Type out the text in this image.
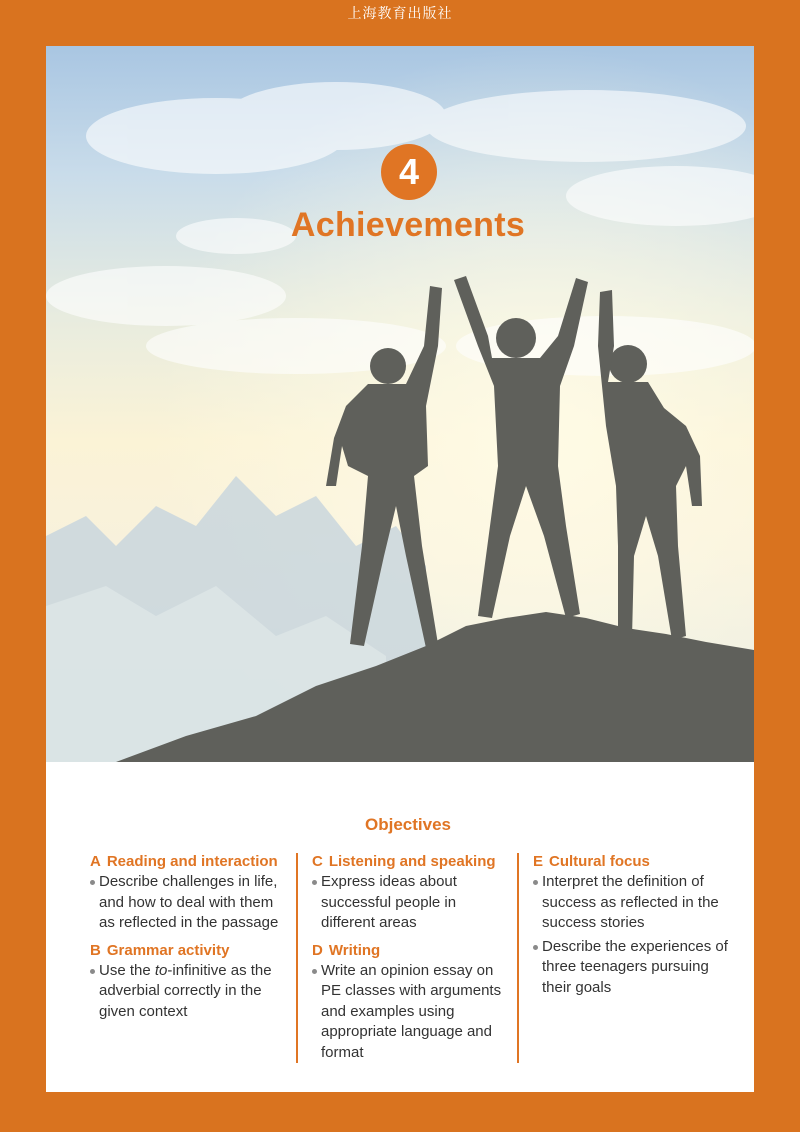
上海教育出版社
4
Achievements
Objectives
A Reading and interaction
Describe challenges in life, and how to deal with them as reflected in the passage
B Grammar activity
Use the to-infinitive as the adverbial correctly in the given context
C Listening and speaking
Express ideas about successful people in different areas
D Writing
Write an opinion essay on PE classes with arguments and examples using appropriate language and format
E Cultural focus
Interpret the definition of success as reflected in the success stories
Describe the experiences of three teenagers pursuing their goals
